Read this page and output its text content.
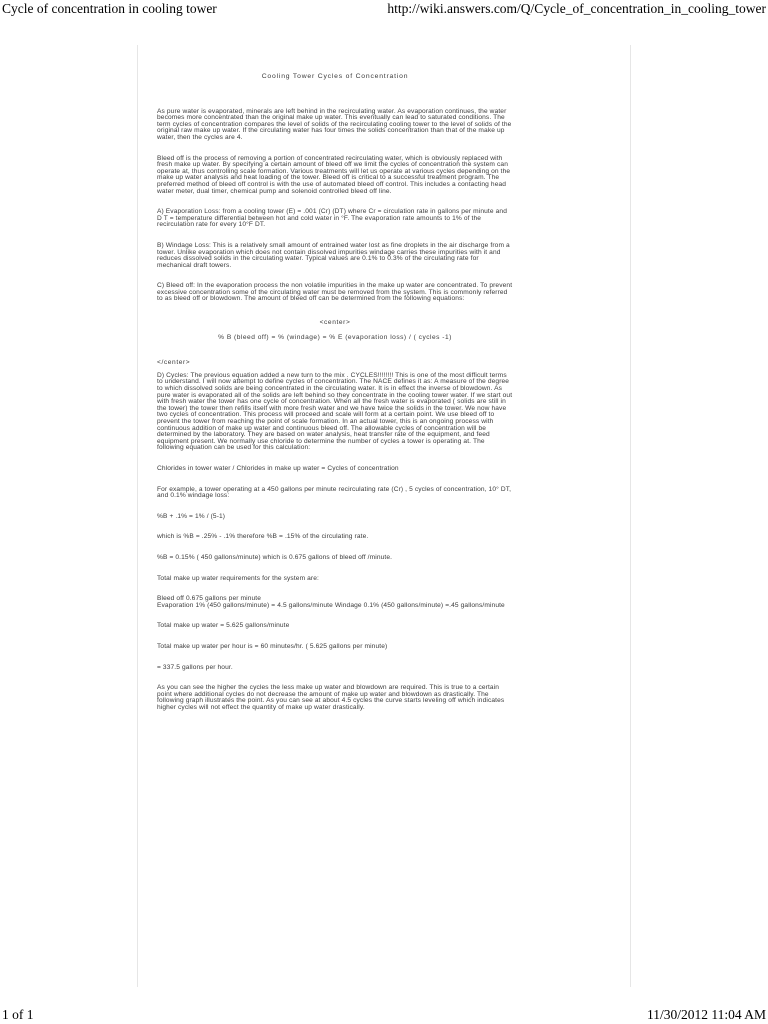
Cycle of concentration in cooling tower	http://wiki.answers.com/Q/Cycle_of_concentration_in_cooling_tower
Cooling Tower Cycles of Concentration
As pure water is evaporated, minerals are left behind in the recirculating water. As evaporation continues, the water becomes more concentrated than the original make up water. This eventually can lead to saturated conditions. The term cycles of concentration compares the level of solids of the recirculating cooling tower to the level of solids of the original raw make up water. If the circulating water has four times the solids concentration than that of the make up water, then the cycles are 4.
Bleed off is the process of removing a portion of concentrated recirculating water, which is obviously replaced with fresh make up water. By specifying a certain amount of bleed off we limit the cycles of concentration the system can operate at, thus controlling scale formation. Various treatments will let us operate at various cycles depending on the make up water analysis and heat loading of the tower. Bleed off is critical to a successful treatment program. The preferred method of bleed off control is with the use of automated bleed off control. This includes a contacting head water meter, dual timer, chemical pump and solenoid controlled bleed off line.
A) Evaporation Loss: from a cooling tower (E) = .001 (Cr) (DT) where Cr = circulation rate in gallons per minute and D T = temperature differential between hot and cold water in °F. The evaporation rate amounts to 1% of the recirculation rate for every 10°F DT.
B) Windage Loss: This is a relatively small amount of entrained water lost as fine droplets in the air discharge from a tower. Unlike evaporation which does not contain dissolved impurities windage carries these impurities with it and reduces dissolved solids in the circulating water. Typical values are 0.1% to 0.3% of the circulating rate for mechanical draft towers.
C) Bleed off: In the evaporation process the non volatile impurities in the make up water are concentrated. To prevent excessive concentration some of the circulating water must be removed from the system. This is commonly referred to as bleed off or blowdown. The amount of bleed off can be determined from the following equations:
<center>
% B (bleed off) = % (windage) = % E (evaporation loss) / ( cycles -1)
</center>
D) Cycles: The previous equation added a new turn to the mix . CYCLES!!!!!!!! This is one of the most difficult terms to understand. I will now attempt to define cycles of concentration. The NACE defines it as: A measure of the degree to which dissolved solids are being concentrated in the circulating water. It is in effect the inverse of blowdown. As pure water is evaporated all of the solids are left behind so they concentrate in the cooling tower water. If we start out with fresh water the tower has one cycle of concentration. When all the fresh water is evaporated ( solids are still in the tower) the tower then refills itself with more fresh water and we have twice the solids in the tower. We now have two cycles of concentration. This process will proceed and scale will form at a certain point. We use bleed off to prevent the tower from reaching the point of scale formation. In an actual tower, this is an ongoing process with continuous addition of make up water and continuous bleed off. The allowable cycles of concentration will be determined by the laboratory. They are based on water analysis, heat transfer rate of the equipment, and feed equipment present. We normally use chloride to determine the number of cycles a tower is operating at. The following equation can be used for this calculation:
Chlorides in tower water / Chlorides in make up water = Cycles of concentration
For example, a tower operating at a 450 gallons per minute recirculating rate (Cr) , 5 cycles of concentration, 10° DT, and 0.1% windage loss:
%B + .1% = 1% / (5-1)
which is %B = .25% - .1% therefore %B = .15% of the circulating rate.
%B = 0.15% ( 450 gallons/minute) which is 0.675 gallons of bleed off /minute.
Total make up water requirements for the system are:
Bleed off 0.675 gallons per minute
Evaporation 1% (450 gallons/minute) = 4.5 gallons/minute Windage 0.1% (450 gallons/minute) =.45 gallons/minute
Total make up water = 5.625 gallons/minute
Total make up water per hour is = 60 minutes/hr. ( 5.625 gallons per minute)
= 337.5 gallons per hour.
As you can see the higher the cycles the less make up water and blowdown are required. This is true to a certain point where additional cycles do not decrease the amount of make up water and blowdown as drastically. The following graph illustrates the point. As you can see at about 4.5 cycles the curve starts leveling off which indicates higher cycles will not effect the quantity of make up water drastically.
1 of 1	11/30/2012 11:04 AM
